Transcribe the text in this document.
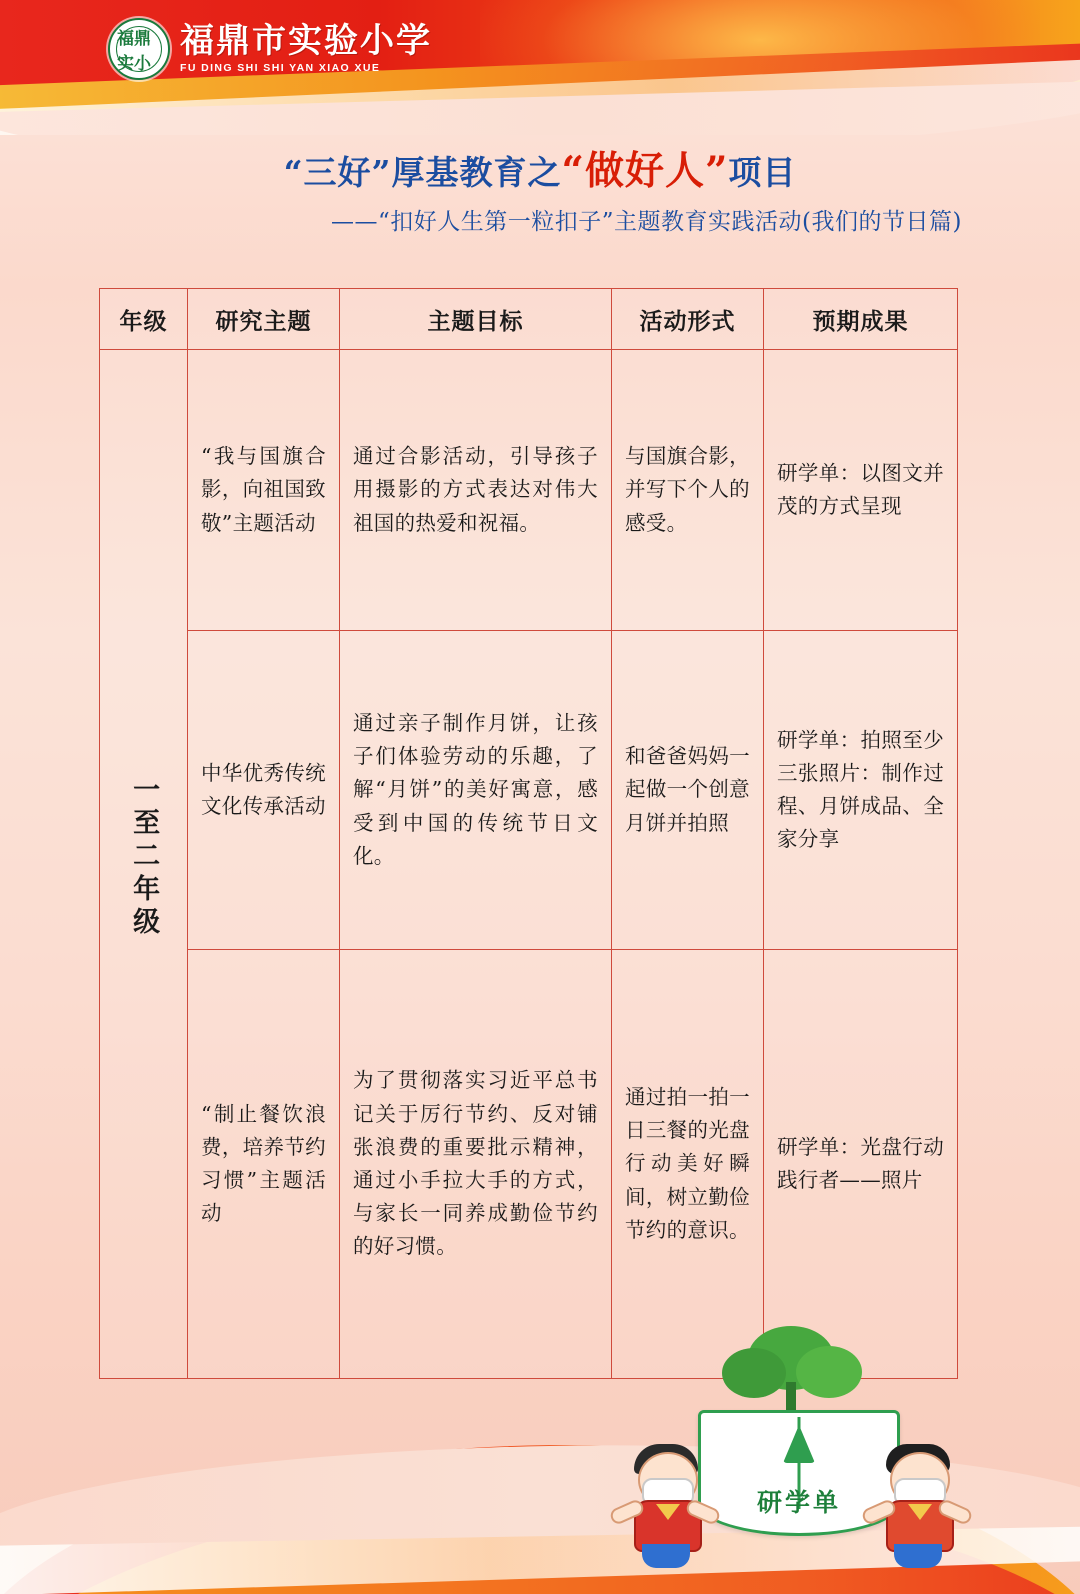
福鼎实小
福鼎市实验小学
FU DING SHI SHI YAN XIAO XUE
“三好”厚基教育之“做好人”项目
——“扣好人生第一粒扣子”主题教育实践活动(我们的节日篇)
年级	研究主题	主题目标	活动形式	预期成果
一至二年级	“我与国旗合影，向祖国致敬”主题活动	通过合影活动，引导孩子用摄影的方式表达对伟大祖国的热爱和祝福。	与国旗合影，并写下个人的感受。	研学单：以图文并茂的方式呈现
	中华优秀传统文化传承活动	通过亲子制作月饼，让孩子们体验劳动的乐趣，了解“月饼”的美好寓意，感受到中国的传统节日文化。	和爸爸妈妈一起做一个创意月饼并拍照	研学单：拍照至少三张照片：制作过程、月饼成品、全家分享
	“制止餐饮浪费，培养节约习惯”主题活动	为了贯彻落实习近平总书记关于厉行节约、反对铺张浪费的重要批示精神，通过小手拉大手的方式，与家长一同养成勤俭节约的好习惯。	通过拍一拍一日三餐的光盘行动美好瞬间，树立勤俭节约的意识。	研学单：光盘行动践行者——照片
研学单
